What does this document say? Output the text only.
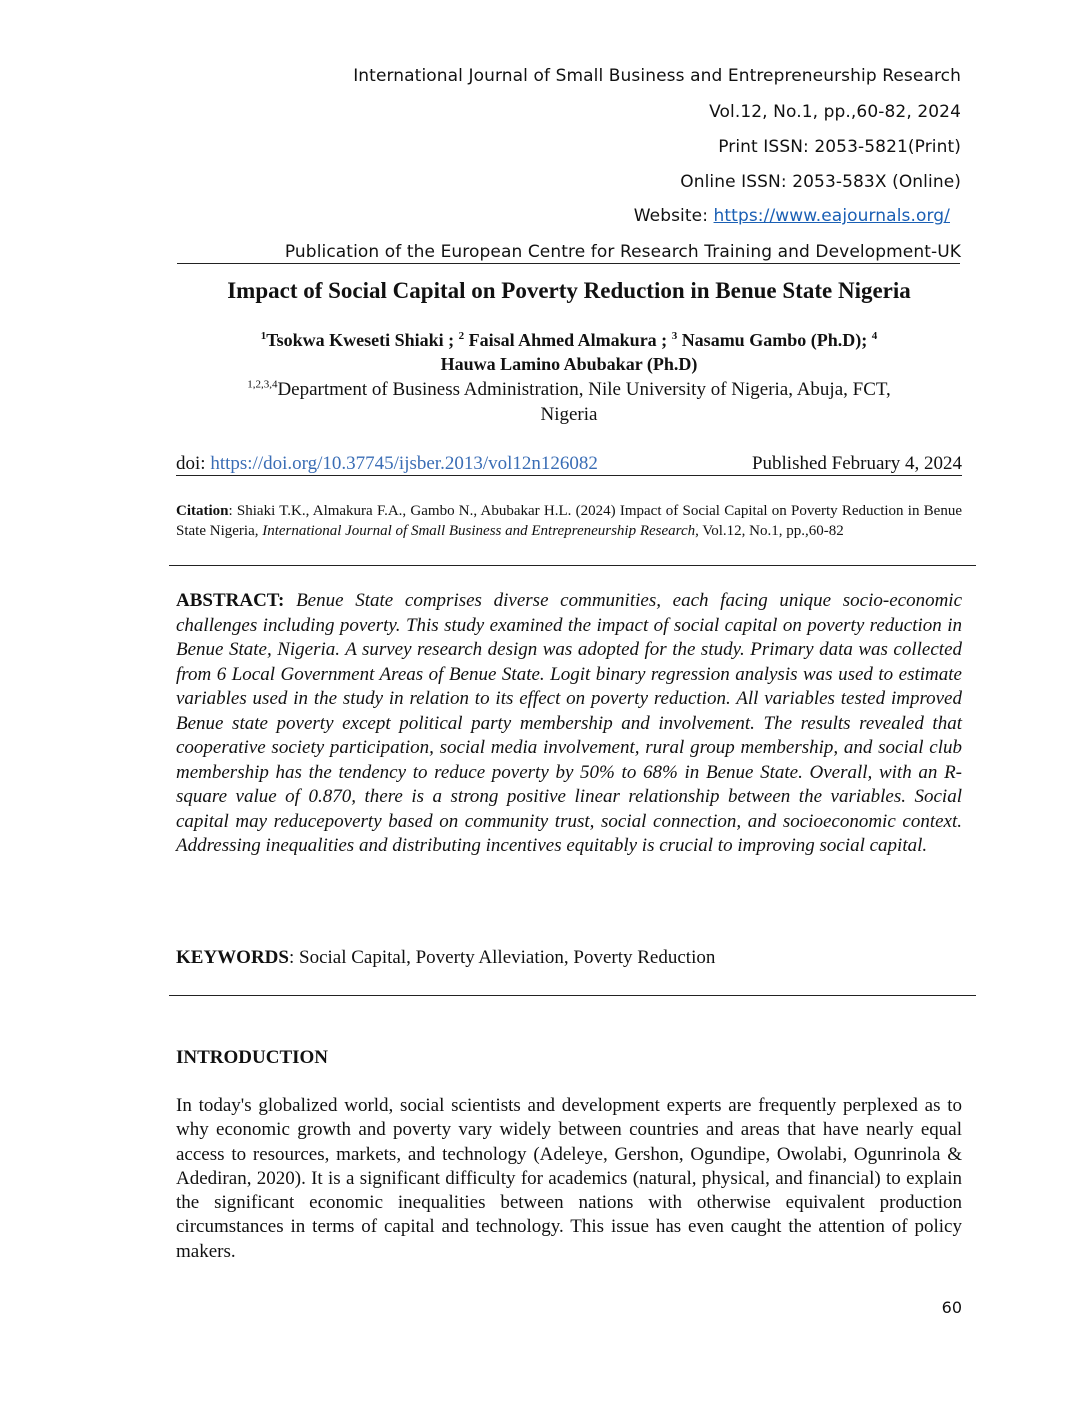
International Journal of Small Business and Entrepreneurship Research
Vol.12, No.1, pp.,60-82, 2024
Print ISSN: 2053-5821(Print)
Online ISSN: 2053-583X (Online)
Website: https://www.eajournals.org/
Publication of the European Centre for Research Training and Development-UK
Impact of Social Capital on Poverty Reduction in Benue State Nigeria
$^1$Tsokwa Kweseti Shiaki ; $^2$ Faisal Ahmed Almakura ; $^3$ Nasamu Gambo (Ph.D); $^4$
Hauwa Lamino Abubakar (Ph.D)
$^{1,2,3,4}$Department of Business Administration, Nile University of Nigeria, Abuja, FCT,
Nigeria
doi: https://doi.org/10.37745/ijsber.2013/vol12n126082	Published February 4, 2024
Citation: Shiaki T.K., Almakura F.A., Gambo N., Abubakar H.L. (2024) Impact of Social Capital on Poverty Reduction in Benue State Nigeria, International Journal of Small Business and Entrepreneurship Research, Vol.12, No.1, pp.,60-82
ABSTRACT: Benue State comprises diverse communities, each facing unique socio-economic challenges including poverty. This study examined the impact of social capital on poverty reduction in Benue State, Nigeria. A survey research design was adopted for the study. Primary data was collected from 6 Local Government Areas of Benue State. Logit binary regression analysis was used to estimate variables used in the study in relation to its effect on poverty reduction. All variables tested improved Benue state poverty except political party membership and involvement. The results revealed that cooperative society participation, social media involvement, rural group membership, and social club membership has the tendency to reduce poverty by 50% to 68% in Benue State. Overall, with an R-square value of 0.870, there is a strong positive linear relationship between the variables. Social capital may reducepoverty based on community trust, social connection, and socioeconomic context. Addressing inequalities and distributing incentives equitably is crucial to improving social capital.
KEYWORDS: Social Capital, Poverty Alleviation, Poverty Reduction
INTRODUCTION
In today's globalized world, social scientists and development experts are frequently perplexed as to why economic growth and poverty vary widely between countries and areas that have nearly equal access to resources, markets, and technology (Adeleye, Gershon, Ogundipe, Owolabi, Ogunrinola & Adediran, 2020). It is a significant difficulty for academics (natural, physical, and financial) to explain the significant economic inequalities between nations with otherwise equivalent production circumstances in terms of capital and technology. This issue has even caught the attention of policy makers.
60
